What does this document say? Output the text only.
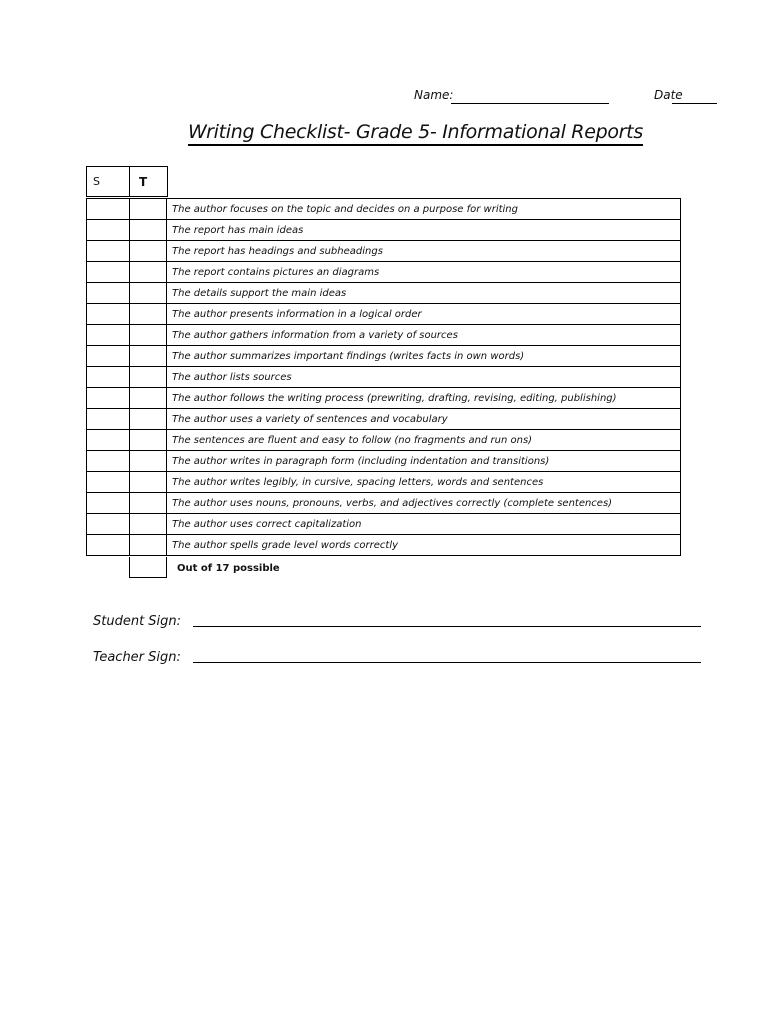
Name:	Date
Writing Checklist- Grade 5- Informational Reports
S	T
		The author focuses on the topic and decides on a purpose for writing
		The report has main ideas
		The report has headings and subheadings
		The report contains pictures an diagrams
		The details support the main ideas
		The author presents information in a logical order
		The author gathers information from a variety of sources
		The author summarizes important findings (writes facts in own words)
		The author lists sources
		The author follows the writing process (prewriting, drafting, revising, editing, publishing)
		The author uses a variety of sentences and vocabulary
		The sentences are fluent and easy to follow (no fragments and run ons)
		The author writes in paragraph form (including indentation and transitions)
		The author writes legibly, in cursive, spacing letters, words and sentences
		The author uses nouns, pronouns, verbs, and adjectives correctly (complete sentences)
		The author uses correct capitalization
		The author spells grade level words correctly
Out of 17 possible
Student Sign:
Teacher Sign:
